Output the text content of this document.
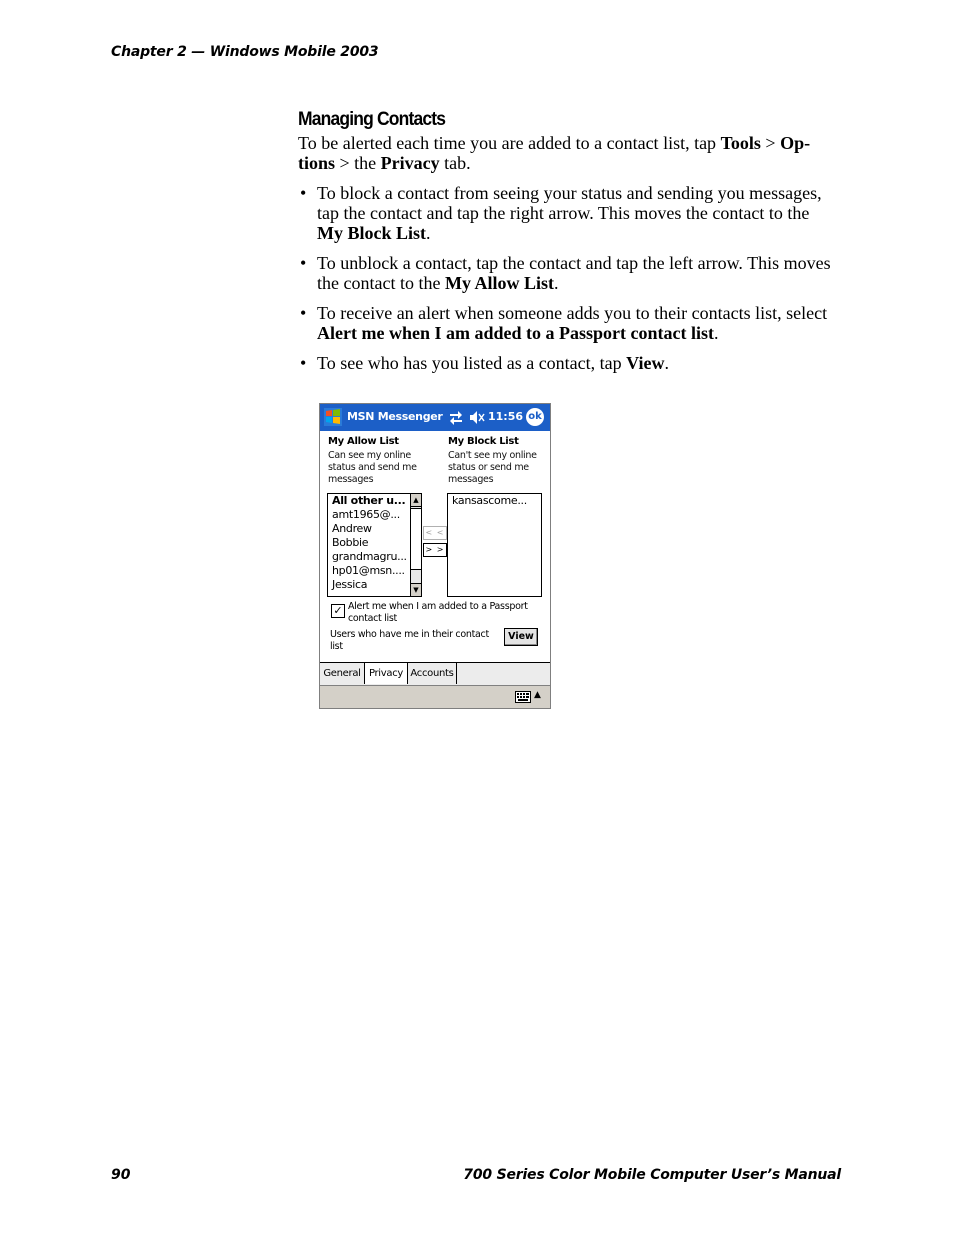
Chapter 2 — Windows Mobile 2003
Managing Contacts
To be alerted each time you are added to a contact list, tap Tools > Op-
tions > the Privacy tab.
• To block a contact from seeing your status and sending you messages, tap the contact and tap the right arrow. This moves the contact to the My Block List.
• To unblock a contact, tap the contact and tap the left arrow. This moves the contact to the My Allow List.
• To receive an alert when someone adds you to their contacts list, select Alert me when I am added to a Passport contact list.
• To see who has you listed as a contact, tap View.
MSN Messenger	11:56 ok
My Allow List
Can see my online status and send me messages
My Block List
Can't see my online status or send me messages
All other u...
amt1965@...
Andrew
Bobbie
grandmagru...
hp01@msn....
Jessica
▲
▼
< <
> >
kansascome...
✓ Alert me when I am added to a Passport contact list
Users who have me in their contact list
View
General Privacy Accounts
▲
90	700 Series Color Mobile Computer User’s Manual
